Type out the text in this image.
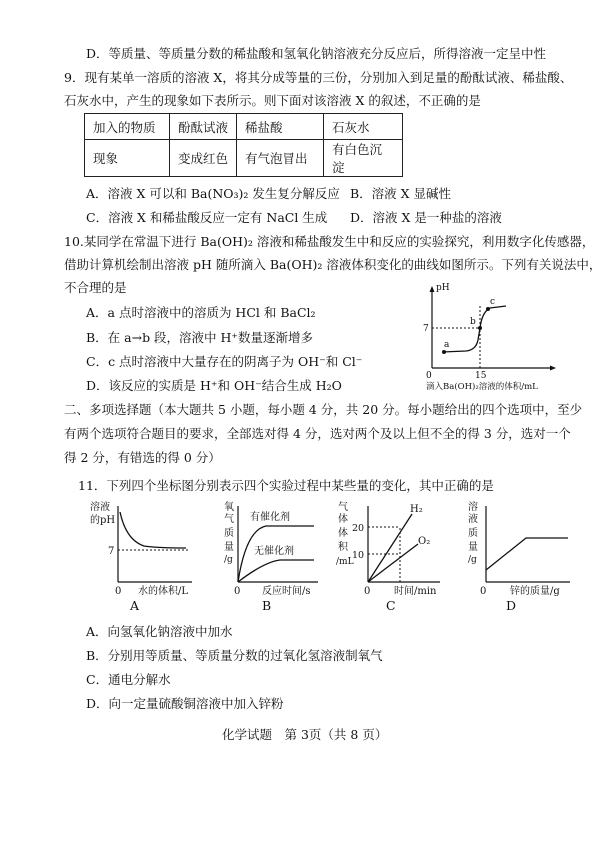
D．等质量、等质量分数的稀盐酸和氢氧化钠溶液充分反应后，所得溶液一定呈中性
9．现有某单一溶质的溶液 X，将其分成等量的三份，分别加入到足量的酚酞试液、稀盐酸、
石灰水中，产生的现象如下表所示。则下面对该溶液 X 的叙述，不正确的是
加入的物质	酚酞试液	稀盐酸	石灰水
现象	变成红色	有气泡冒出	有白色沉淀
A．溶液 X 可以和 Ba(NO₃)₂ 发生复分解反应 B．溶液 X 显碱性
C．溶液 X 和稀盐酸反应一定有 NaCl 生成 D．溶液 X 是一种盐的溶液
10.某同学在常温下进行 Ba(OH)₂ 溶液和稀盐酸发生中和反应的实验探究，利用数字化传感器，
借助计算机绘制出溶液 pH 随所滴入 Ba(OH)₂ 溶液体积变化的曲线如图所示。下列有关说法中，
不合理的是
A．a 点时溶液中的溶质为 HCl 和 BaCl₂
B．在 a→b 段，溶液中 H⁺数量逐渐增多
C．c 点时溶液中大量存在的阴离子为 OH⁻和 Cl⁻
D．该反应的实质是 H⁺和 OH⁻结合生成 H₂O
pH
7
0	15
a
b
c
滴入Ba(OH)₂溶液的体积/mL
二、多项选择题（本大题共 5 小题，每小题 4 分，共 20 分。每小题给出的四个选项中，至少
有两个选项符合题目的要求，全部选对得 4 分，选对两个及以上但不全的得 3 分，选对一个
得 2 分，有错选的得 0 分）
11．下列四个坐标图分别表示四个实验过程中某些量的变化，其中正确的是
溶液
的pH
7
0 水的体积/L
A
氧
气
质
量
/g
有催化剂
无催化剂
0 反应时间/s
B
气
体
体
积
/mL
20
10
H₂
O₂
0 时间/min
C
溶
液
质
量
/g
0 锌的质量/g
D
A．向氢氧化钠溶液中加水
B．分别用等质量、等质量分数的过氧化氢溶液制氧气
C．通电分解水
D．向一定量硫酸铜溶液中加入锌粉
化学试题　第 3页（共 8 页）
